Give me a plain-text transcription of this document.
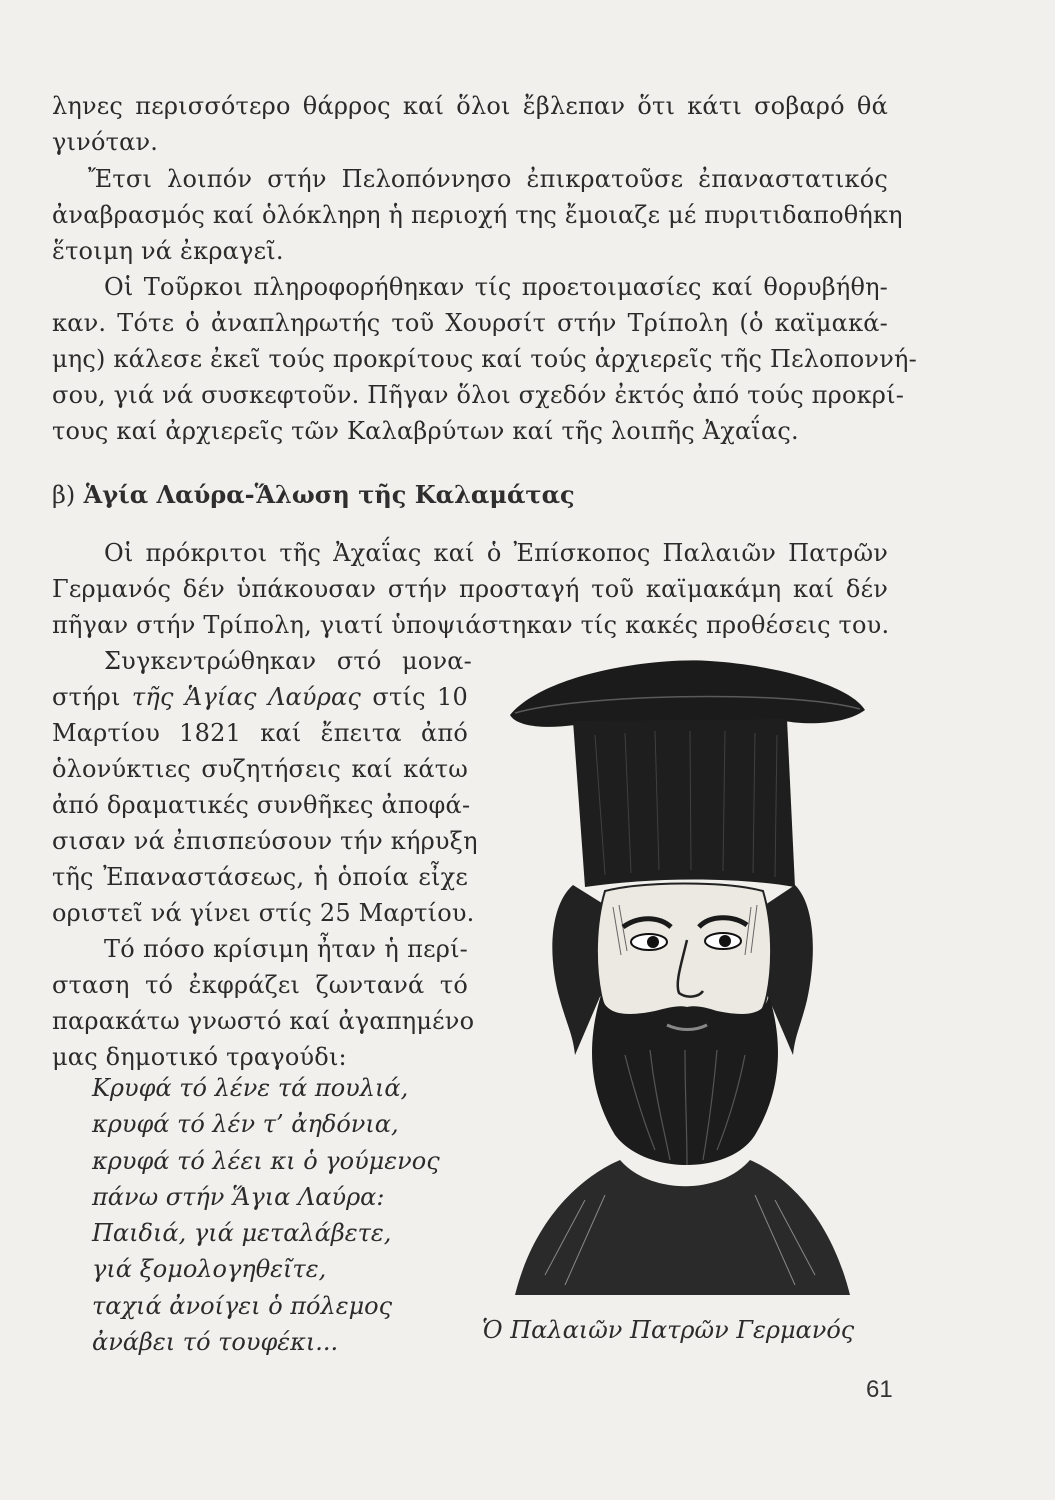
ληνες περισσότερο θάρρος καί ὅλοι ἔβλεπαν ὅτι κάτι σοβαρό θά
γινόταν.
Ἔτσι λοιπόν στήν Πελοπόννησο ἐπικρατοῦσε ἐπαναστατικός
ἀναβρασμός καί ὁλόκληρη ἡ περιοχή της ἔμοιαζε μέ πυριτιδαποθήκη
ἕτοιμη νά ἐκραγεῖ.
Οἱ Τοῦρκοι πληροφορήθηκαν τίς προετοιμασίες καί θορυβήθη-
καν. Τότε ὁ ἀναπληρωτής τοῦ Χουρσίτ στήν Τρίπολη (ὁ καϊμακά-
μης) κάλεσε ἐκεῖ τούς προκρίτους καί τούς ἀρχιερεῖς τῆς Πελοποννή-
σου, γιά νά συσκεφτοῦν. Πῆγαν ὅλοι σχεδόν ἐκτός ἀπό τούς προκρί-
τους καί ἀρχιερεῖς τῶν Καλαβρύτων καί τῆς λοιπῆς Ἀχαΐας.
β) Ἁγία Λαύρα-Ἅλωση τῆς Καλαμάτας
Οἱ πρόκριτοι τῆς Ἀχαΐας καί ὁ Ἐπίσκοπος Παλαιῶν Πατρῶν
Γερμανός δέν ὑπάκουσαν στήν προσταγή τοῦ καϊμακάμη καί δέν
πῆγαν στήν Τρίπολη, γιατί ὑποψιάστηκαν τίς κακές προθέσεις του.
Συγκεντρώθηκαν στό μονα-
στήρι τῆς Ἁγίας Λαύρας στίς 10
Μαρτίου 1821 καί ἔπειτα ἀπό
ὁλονύκτιες συζητήσεις καί κάτω
ἀπό δραματικές συνθῆκες ἀποφά-
σισαν νά ἐπισπεύσουν τήν κήρυξη
τῆς Ἐπαναστάσεως, ἡ ὁποία εἶχε
οριστεῖ νά γίνει στίς 25 Μαρτίου.
Τό πόσο κρίσιμη ἦταν ἡ περί-
σταση τό ἐκφράζει ζωντανά τό
παρακάτω γνωστό καί ἀγαπημένο
μας δημοτικό τραγούδι:
Κρυφά τό λένε τά πουλιά,
κρυφά τό λέν τ’ ἀηδόνια,
κρυφά τό λέει κι ὁ γούμενος
πάνω στήν Ἅγια Λαύρα:
Παιδιά, γιά μεταλάβετε,
γιά ξομολογηθεῖτε,
ταχιά ἀνοίγει ὁ πόλεμος
ἀνάβει τό τουφέκι...	Ὁ Παλαιῶν Πατρῶν Γερμανός
61
